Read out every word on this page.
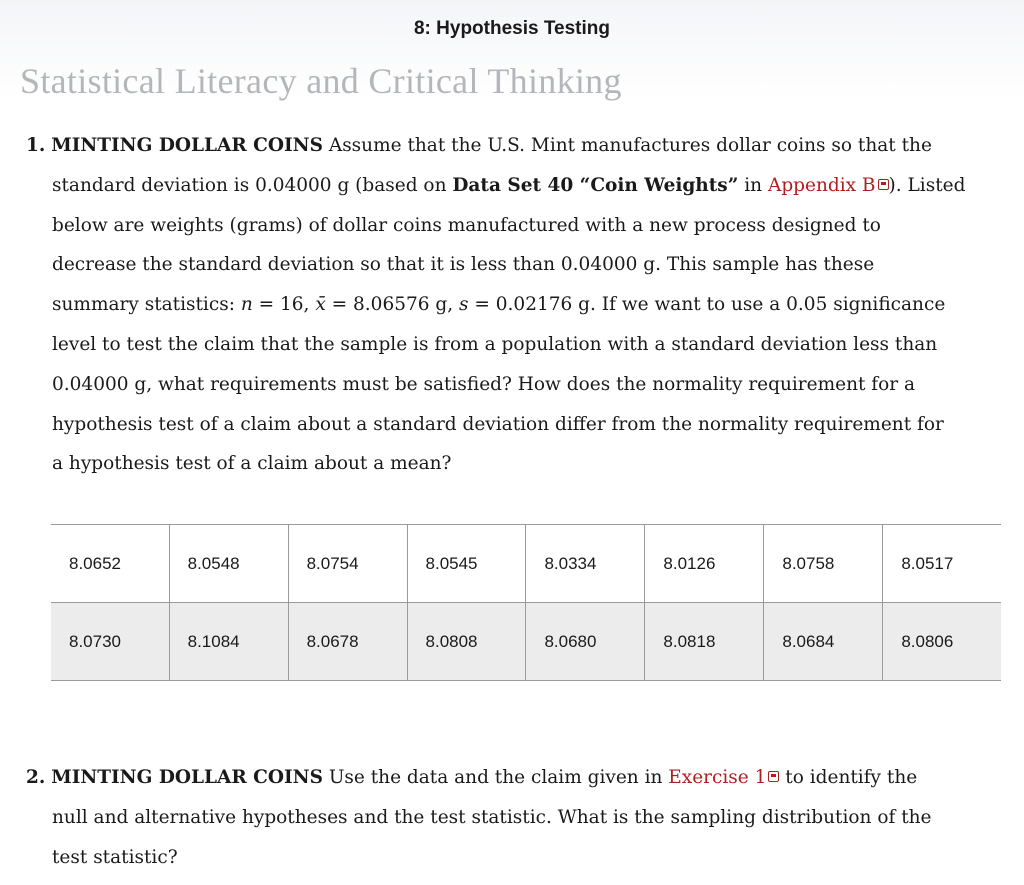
8: Hypothesis Testing
Statistical Literacy and Critical Thinking
1. MINTING DOLLAR COINS Assume that the U.S. Mint manufactures dollar coins so that the
standard deviation is 0.04000 g (based on Data Set 40 “Coin Weights” in Appendix B ). Listed
below are weights (grams) of dollar coins manufactured with a new process designed to
decrease the standard deviation so that it is less than 0.04000 g. This sample has these
summary statistics: n = 16, x̄ = 8.06576 g, s = 0.02176 g. If we want to use a 0.05 significance
level to test the claim that the sample is from a population with a standard deviation less than
0.04000 g, what requirements must be satisfied? How does the normality requirement for a
hypothesis test of a claim about a standard deviation differ from the normality requirement for
a hypothesis test of a claim about a mean?
8.0652	8.0548	8.0754	8.0545	8.0334	8.0126	8.0758	8.0517
8.0730	8.1084	8.0678	8.0808	8.0680	8.0818	8.0684	8.0806
2. MINTING DOLLAR COINS Use the data and the claim given in Exercise 1 to identify the
null and alternative hypotheses and the test statistic. What is the sampling distribution of the
test statistic?
